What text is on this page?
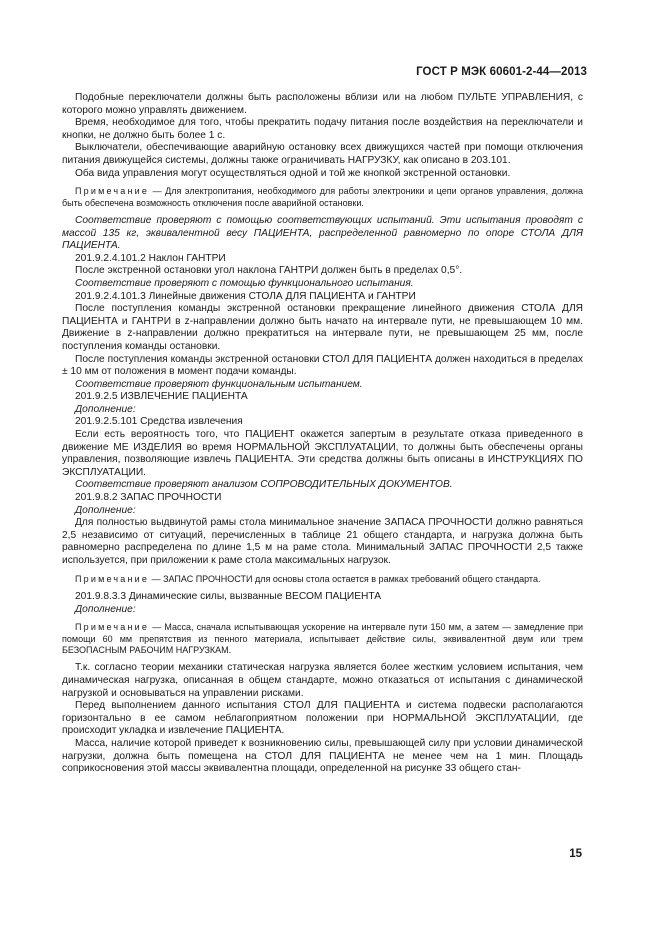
ГОСТ Р МЭК 60601-2-44—2013

Подобные переключатели должны быть расположены вблизи или на любом ПУЛЬТЕ УПРАВЛЕНИЯ, с которого можно управлять движением.

Время, необходимое для того, чтобы прекратить подачу питания после воздействия на переключатели и кнопки, не должно быть более 1 с.

Выключатели, обеспечивающие аварийную остановку всех движущихся частей при помощи отключения питания движущейся системы, должны также ограничивать НАГРУЗКУ, как описано в 203.101.

Оба вида управления могут осуществляться одной и той же кнопкой экстренной остановки.

Примечание — Для электропитания, необходимого для работы электроники и цепи органов управления, должна быть обеспечена возможность отключения после аварийной остановки.

Соответствие проверяют с помощью соответствующих испытаний. Эти испытания проводят с массой 135 кг, эквивалентной весу ПАЦИЕНТА, распределенной равномерно по опоре СТОЛА ДЛЯ ПАЦИЕНТА.

201.9.2.4.101.2 Наклон ГАНТРИ

После экстренной остановки угол наклона ГАНТРИ должен быть в пределах 0,5°.

Соответствие проверяют с помощью функционального испытания.

201.9.2.4.101.3 Линейные движения СТОЛА ДЛЯ ПАЦИЕНТА и ГАНТРИ

После поступления команды экстренной остановки прекращение линейного движения СТОЛА ДЛЯ ПАЦИЕНТА и ГАНТРИ в z-направлении должно быть начато на интервале пути, не превышающем 10 мм. Движение в z-направлении должно прекратиться на интервале пути, не превышающем 25 мм, после поступления команды остановки.

После поступления команды экстренной остановки СТОЛ ДЛЯ ПАЦИЕНТА должен находиться в пределах ± 10 мм от положения в момент подачи команды.

Соответствие проверяют функциональным испытанием.

201.9.2.5 ИЗВЛЕЧЕНИЕ ПАЦИЕНТА

Дополнение:

201.9.2.5.101 Средства извлечения

Если есть вероятность того, что ПАЦИЕНТ окажется запертым в результате отказа приведенного в движение МЕ ИЗДЕЛИЯ во время НОРМАЛЬНОЙ ЭКСПЛУАТАЦИИ, то должны быть обеспечены органы управления, позволяющие извлечь ПАЦИЕНТА. Эти средства должны быть описаны в ИНСТРУКЦИЯХ ПО ЭКСПЛУАТАЦИИ.

Соответствие проверяют анализом СОПРОВОДИТЕЛЬНЫХ ДОКУМЕНТОВ.

201.9.8.2 ЗАПАС ПРОЧНОСТИ

Дополнение:

Для полностью выдвинутой рамы стола минимальное значение ЗАПАСА ПРОЧНОСТИ должно равняться 2,5 независимо от ситуаций, перечисленных в таблице 21 общего стандарта, и нагрузка должна быть равномерно распределена по длине 1,5 м на раме стола. Минимальный ЗАПАС ПРОЧНОСТИ 2,5 также используется, при приложении к раме стола максимальных нагрузок.

Примечание — ЗАПАС ПРОЧНОСТИ для основы стола остается в рамках требований общего стандарта.

201.9.8.3.3 Динамические силы, вызванные ВЕСОМ ПАЦИЕНТА

Дополнение:

Примечание — Масса, сначала испытывающая ускорение на интервале пути 150 мм, а затем — замедление при помощи 60 мм препятствия из пенного материала, испытывает действие силы, эквивалентной двум или трем БЕЗОПАСНЫМ РАБОЧИМ НАГРУЗКАМ.

Т.к. согласно теории механики статическая нагрузка является более жестким условием испытания, чем динамическая нагрузка, описанная в общем стандарте, можно отказаться от испытания с динамической нагрузкой и основываться на управлении рисками.

Перед выполнением данного испытания СТОЛ ДЛЯ ПАЦИЕНТА и система подвески располагаются горизонтально в ее самом неблагоприятном положении при НОРМАЛЬНОЙ ЭКСПЛУАТАЦИИ, где происходит укладка и извлечение ПАЦИЕНТА.

Масса, наличие которой приведет к возникновению силы, превышающей силу при условии динамической нагрузки, должна быть помещена на СТОЛ ДЛЯ ПАЦИЕНТА не менее чем на 1 мин. Площадь соприкосновения этой массы эквивалентна площади, определенной на рисунке 33 общего стан-

15
